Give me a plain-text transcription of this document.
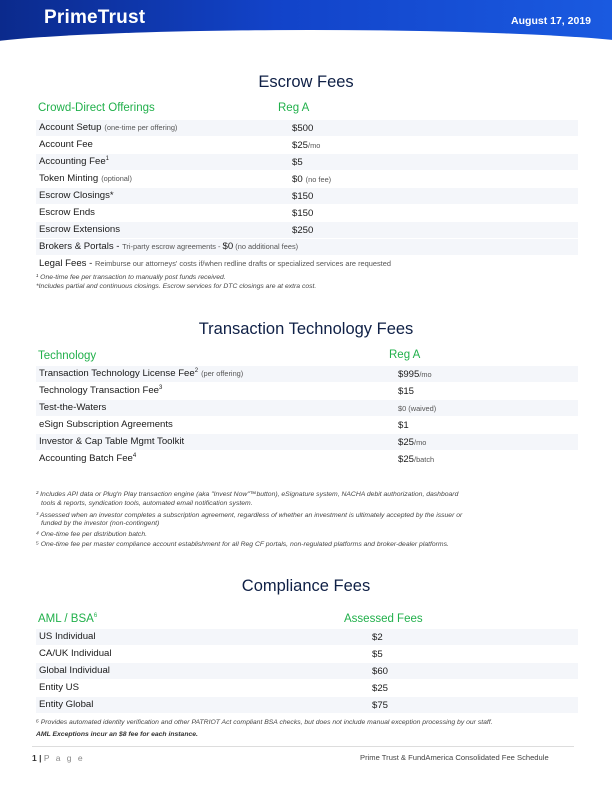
PrimeTrust	August 17, 2019
Escrow Fees
Crowd-Direct Offerings	Reg A
Account Setup (one-time per offering)	$500
Account Fee	$25/mo
Accounting Fee$^1$	$5
Token Minting (optional)	$0 (no fee)
Escrow Closings*	$150
Escrow Ends	$150
Escrow Extensions	$250
Brokers & Portals - Tri-party escrow agreements - $0 (no additional fees)
Legal Fees - Reimburse our attorneys' costs if/when redline drafts or specialized services are requested
¹ One-time fee per transaction to manually post funds received.
*Includes partial and continuous closings. Escrow services for DTC closings are at extra cost.
Transaction Technology Fees
Technology	Reg A
Transaction Technology License Fee$^2$ (per offering)	$995/mo
Technology Transaction Fee$^3$	$15
Test-the-Waters	$0 (waived)
eSign Subscription Agreements	$1
Investor & Cap Table Mgmt Toolkit	$25/mo
Accounting Batch Fee$^4$	$25/batch
² Includes API data or Plug'n Play transaction engine (aka "Invest Now"™button), eSignature system, NACHA debit authorization, dashboard
tools & reports, syndication tools, automated email notification system.
³ Assessed when an investor completes a subscription agreement, regardless of whether an investment is ultimately accepted by the issuer or
funded by the investor (non-contingent)
⁴ One-time fee per distribution batch.
⁵ One-time fee per master compliance account establishment for all Reg CF portals, non-regulated platforms and broker-dealer platforms.
Compliance Fees
AML / BSA$^6$	Assessed Fees
US Individual	$2
CA/UK Individual	$5
Global Individual	$60
Entity US	$25
Entity Global	$75
⁶ Provides automated identity verification and other PATRIOT Act compliant BSA checks, but does not include manual exception processing by our staff.
AML Exceptions incur an $8 fee for each instance.
1 | P a g e	Prime Trust & FundAmerica Consolidated Fee Schedule
